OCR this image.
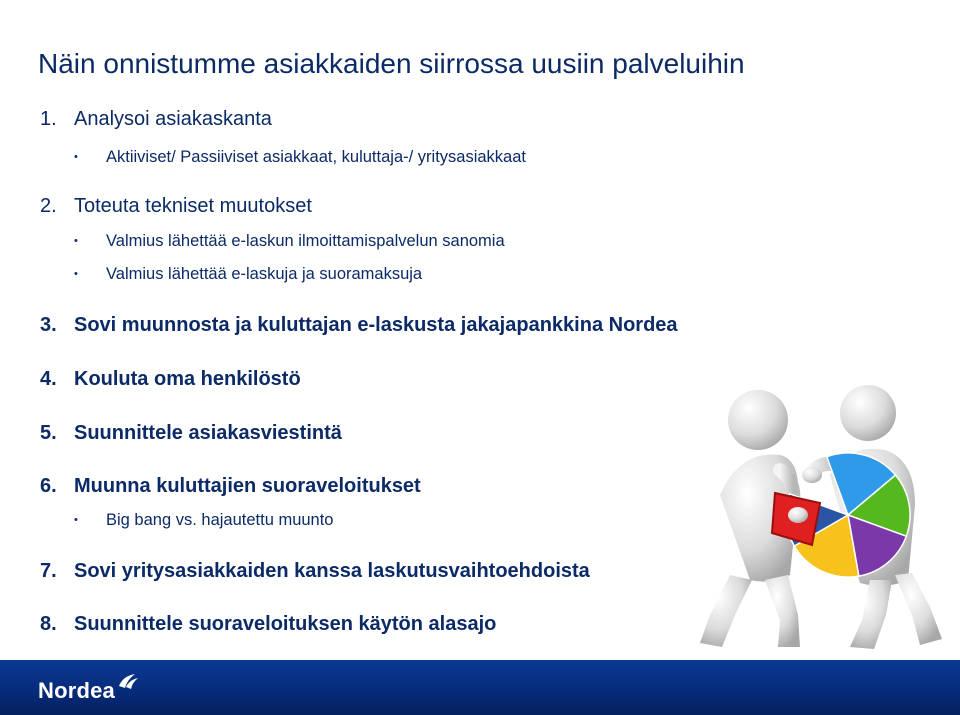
Näin onnistumme asiakkaiden siirrossa uusiin palveluihin
1. Analysoi asiakaskanta
• Aktiiviset/ Passiiviset asiakkaat, kuluttaja-/ yritysasiakkaat
2. Toteuta tekniset muutokset
• Valmius lähettää e-laskun ilmoittamispalvelun sanomia
• Valmius lähettää e-laskuja ja suoramaksuja
3. Sovi muunnosta ja kuluttajan e-laskusta jakajapankkina Nordea
4. Kouluta oma henkilöstö
5. Suunnittele asiakasviestintä
6. Muunna kuluttajien suoraveloitukset
• Big bang vs. hajautettu muunto
7. Sovi yritysasiakkaiden kanssa laskutusvaihtoehdoista
8. Suunnittele suoraveloituksen käytön alasajo
Nordea
